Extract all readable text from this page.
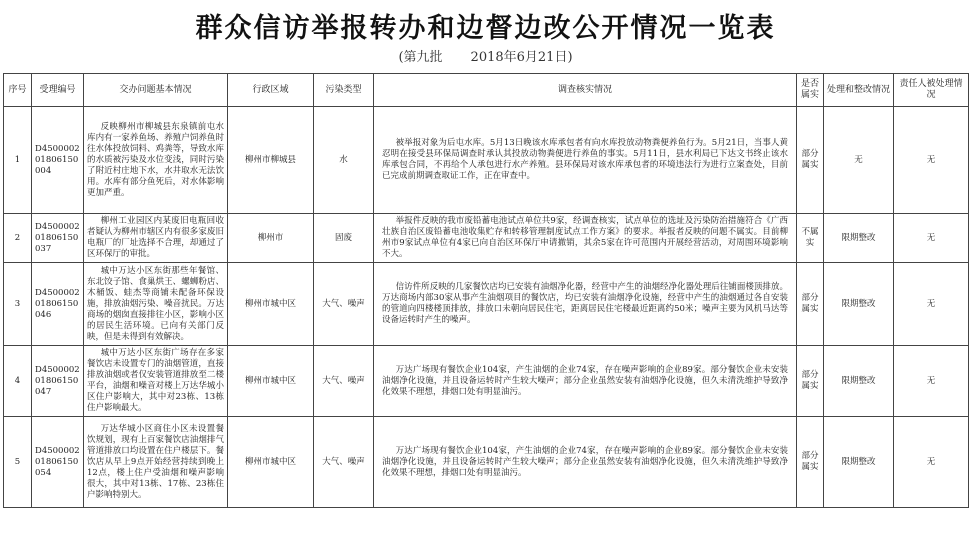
群众信访举报转办和边督边改公开情况一览表
(第九批 2018年6月21日)
序号	受理编号	交办问题基本情况	行政区域	污染类型	调查核实情况	是否属实	处理和整改情况	责任人被处理情况
1	D450000201806150004	反映柳州市柳城县东泉镇前屯水库内有一家养鱼场、养殖户饲养鱼时往水体投放饲料、鸡粪等，导致水库的水质被污染及水位变浅，同时污染了附近村庄地下水，水井取水无法饮用。水库有部分鱼死后，对水体影响更加严重。	柳州市柳城县	水	被举报对象为后屯水库。5月13日晚该水库承包者有向水库投放动物粪便养鱼行为。5月21日，当事人黄忍明在接受县环保局调查时承认其投放动物粪便进行养鱼的事实。5月11日，县水利局已下达文书终止该水库承包合同，不再给个人承包进行水产养殖。县环保局对该水库承包者的环境违法行为进行立案查处，目前已完成前期调查取证工作，正在审查中。	部分属实	无	无
2	D450000201806150037	柳州工业园区内某废旧电瓶回收者疑认为柳州市辖区内有很多家废旧电瓶厂的厂址选择不合理，却通过了区环保厅的审批。	柳州市	固废	举报件反映的我市废铅蓄电池试点单位共9家，经调查核实，试点单位的选址及污染防治措施符合《广西壮族自治区废铅蓄电池收集贮存和转移管理制度试点工作方案》的要求。举报者反映的问题不属实。目前柳州市9家试点单位有4家已向自治区环保厅申请撤销，其余5家在许可范围内开展经营活动，对周围环境影响不大。	不属实	限期整改	无
3	D450000201806150046	城中万达小区东街那些年餐馆、东北饺子馆、食巢烘王、螺蛳粉店、木桶饭、蛙杰等商铺未配备环保设施，排放油烟污染、噪音扰民。万达商场的烟囱直接排往小区，影响小区的居民生活环境。已向有关部门反映，但是未得到有效解决。	柳州市城中区	大气、噪声	信访件所反映的几家餐饮店均已安装有油烟净化器，经营中产生的油烟经净化器处理后往铺面楼顶排放。万达商场内部30家从事产生油烟项目的餐饮店，均已安装有油烟净化设施，经营中产生的油烟通过各自安装的管道向四楼楼顶排放，排放口未朝向居民住宅，距离居民住宅楼最近距离约50米；噪声主要为风机马达等设备运转时产生的噪声。	部分属实	限期整改	无
4	D450000201806150047	城中万达小区东街广场存在多家餐饮店未设置专门的油烟管道，直接排放油烟或者仅安装管道排放至二楼平台，油烟和噪音对楼上万达华城小区住户影响大，其中对23栋、13栋住户影响最大。	柳州市城中区	大气、噪声	万达广场现有餐饮企业104家，产生油烟的企业74家，存在噪声影响的企业89家。部分餐饮企业未安装油烟净化设施，并且设备运转时产生较大噪声；部分企业虽然安装有油烟净化设施，但久未清洗维护导致净化效果不理想，排烟口处有明显油污。	部分属实	限期整改	无
5	D450000201806150054	万达华城小区商住小区未设置餐饮规划，现有上百家餐饮店油烟排气管道排放口均设置在住户楼层下。餐饮店从早上9点开始经营持续到晚上12点，楼上住户受油烟和噪声影响很大，其中对13栋、17栋、23栋住户影响特别大。	柳州市城中区	大气、噪声	万达广场现有餐饮企业104家，产生油烟的企业74家，存在噪声影响的企业89家。部分餐饮企业未安装油烟净化设施，并且设备运转时产生较大噪声；部分企业虽然安装有油烟净化设施，但久未清洗维护导致净化效果不理想，排烟口处有明显油污。	部分属实	限期整改	无
